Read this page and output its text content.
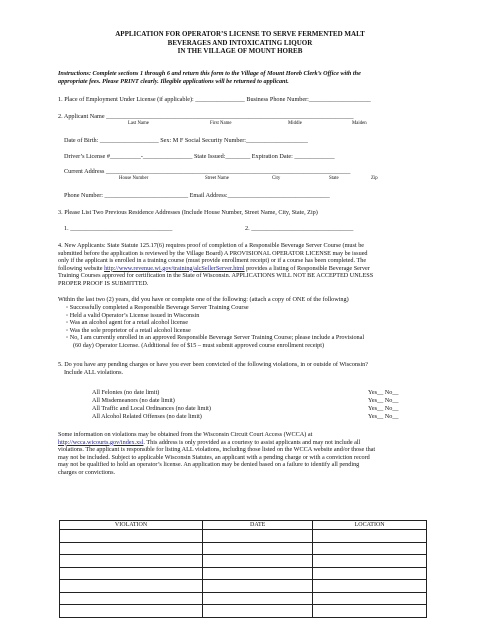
APPLICATION FOR OPERATOR’S LICENSE TO SERVE FERMENTED MALT
BEVERAGES AND INTOXICATING LIQUOR
IN THE VILLAGE OF MOUNT HOREB
Instructions: Complete sections 1 through 6 and return this form to the Village of Mount Horeb Clerk’s Office with the
appropriate fees. Please PRINT clearly. Illegible applications will be returned to applicant.
1. Place of Employment Under License (if applicable): ________________ Business Phone Number:____________________
2. Applicant Name ________________________________________________________________________________
Last Name	First Name	Middle	Maiden
Date of Birth: ___________________ Sex: M F Social Security Number:____________________
Driver’s License #__________-________________ State Issued:________ Expiration Date: _____________
Current Address _______________________________________________________________________________
House Number	Street Name	City	State	Zip
Phone Number: ___________________________ Email Address:_________________________________
3. Please List Two Previous Residence Addresses (Include House Number, Street Name, City, State, Zip)
1. _________________________________	2. _________________________________
4. New Applicants: State Statute 125.17(6) requires proof of completion of a Responsible Beverage Server Course (must be
submitted before the application is reviewed by the Village Board) A PROVISIONAL OPERATOR LICENSE may be issued
only if the applicant is enrolled in a training course (must provide enrollment receipt) or if a course has been completed. The
following website http://www.revenue.wi.gov/training/alcSellerServer.html provides a listing of Responsible Beverage Server
Training Courses approved for certification in the State of Wisconsin. APPLICATIONS WILL NOT BE ACCEPTED UNLESS
PROPER PROOF IS SUBMITTED.
Within the last two (2) years, did you have or complete one of the following: (attach a copy of ONE of the following)
◦ Successfully completed a Responsible Beverage Server Training Course
◦ Held a valid Operator’s License issued in Wisconsin
◦ Was an alcohol agent for a retail alcohol license
◦ Was the sole proprietor of a retail alcohol license
◦ No, I am currently enrolled in an approved Responsible Beverage Server Training Course; please include a Provisional
(60 day) Operator License. (Additional fee of $15 – must submit approved course enrollment receipt)
5. Do you have any pending charges or have you ever been convicted of the following violations, in or outside of Wisconsin?
Include ALL violations.
All Felonies (no date limit)	Yes__ No__
All Misdemeanors (no date limit)	Yes__ No__
All Traffic and Local Ordinances (no date limit)	Yes__ No__
All Alcohol Related Offenses (no date limit)	Yes__ No__
Some information on violations may be obtained from the Wisconsin Circuit Court Access (WCCA) at
http://wcca.wicourts.gov/index.xsl. This address is only provided as a courtesy to assist applicants and may not include all
violations. The applicant is responsible for listing ALL violations, including those listed on the WCCA website and/or those that
may not be included. Subject to applicable Wisconsin Statutes, an applicant with a pending charge or with a conviction record
may not be qualified to hold an operator’s license. An application may be denied based on a failure to identify all pending
charges or convictions.
VIOLATION	DATE	LOCATION
